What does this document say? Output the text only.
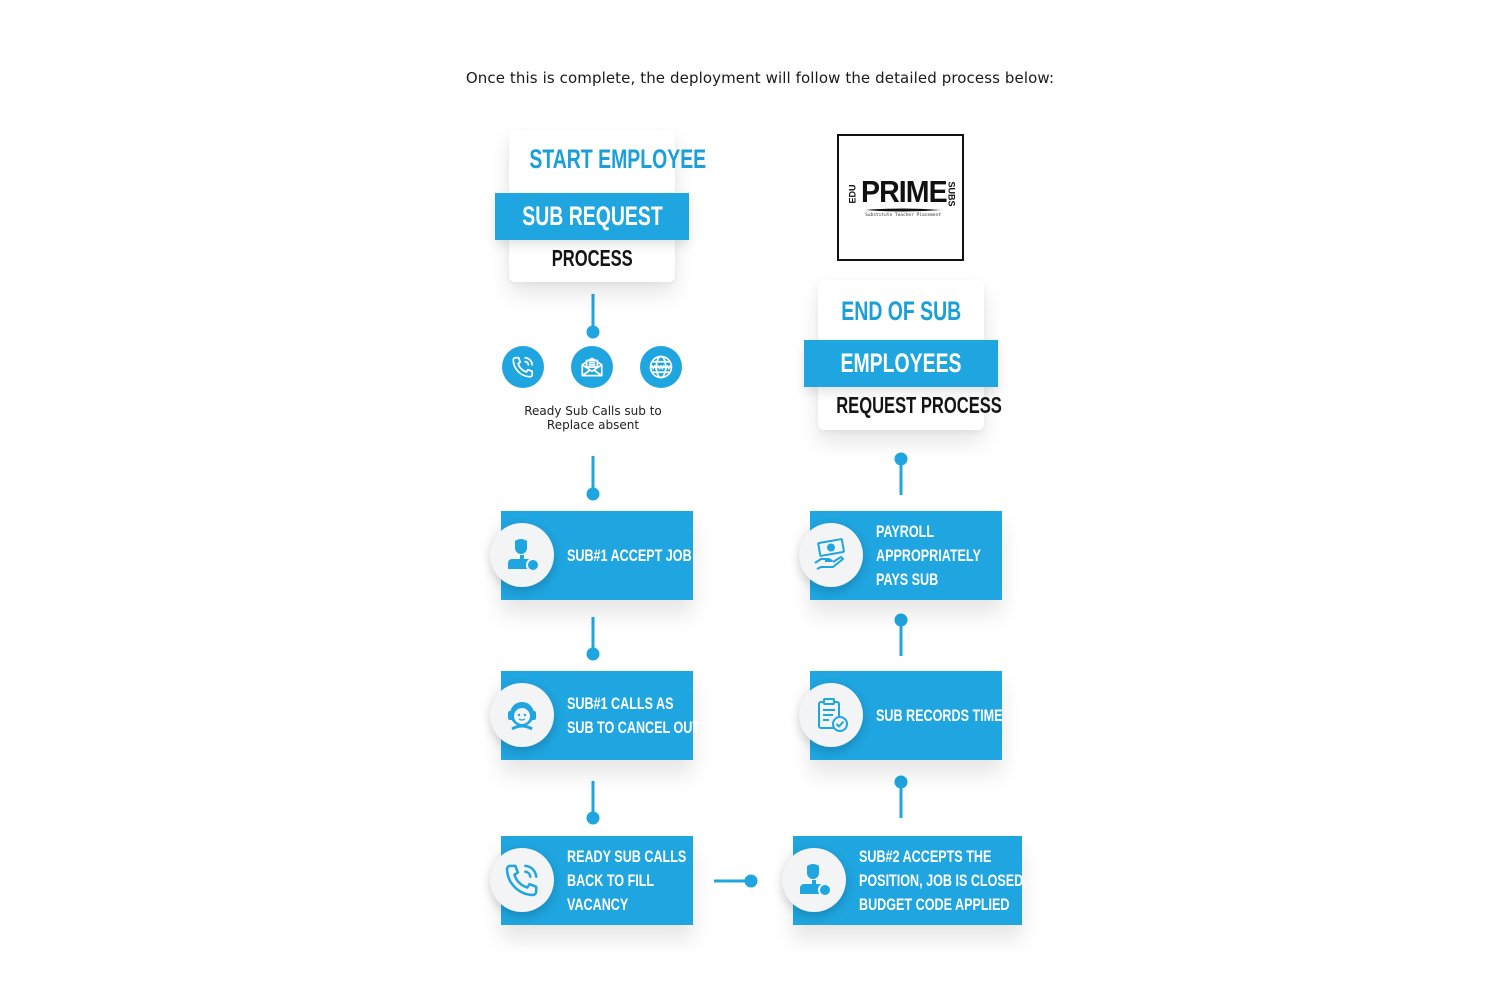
Once this is complete, the deployment will follow the detailed process below:
START EMPLOYEE
SUB REQUEST
PROCESS
EDU PRIME SUBS
Substitute Teacher Placement
END OF SUB
EMPLOYEES
REQUEST PROCESS
WWW
Ready Sub Calls sub to
Replace absent
SUB#1 ACCEPT JOB
SUB#1 CALLS AS
SUB TO CANCEL OUT
READY SUB CALLS
BACK TO FILL
VACANCY
PAYROLL
APPROPRIATELY
PAYS SUB
SUB RECORDS TIME
SUB#2 ACCEPTS THE
POSITION, JOB IS CLOSED,
BUDGET CODE APPLIED
